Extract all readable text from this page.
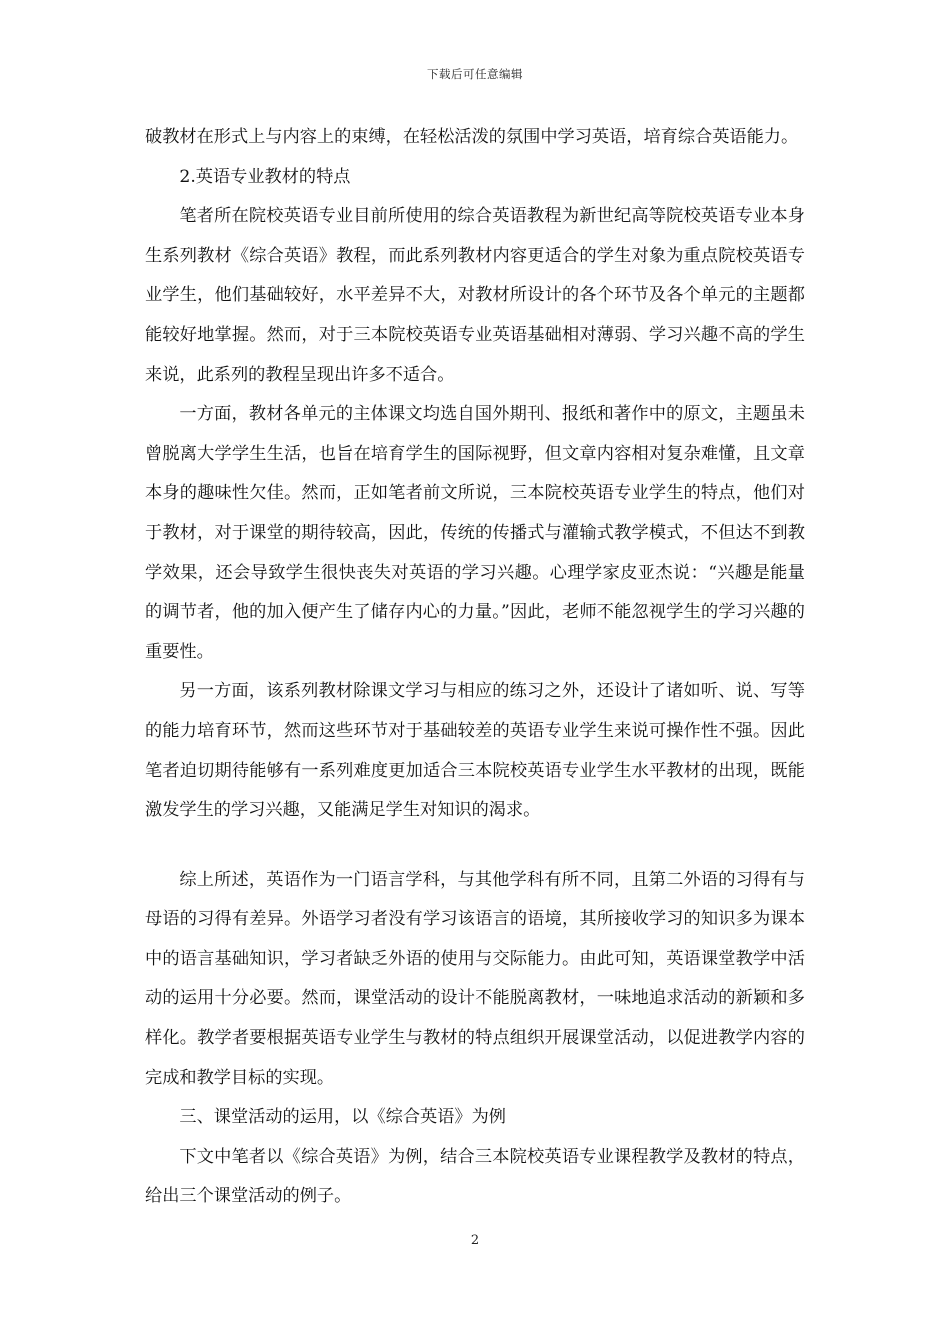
下载后可任意编辑

破教材在形式上与内容上的束缚，在轻松活泼的氛围中学习英语，培育综合英语能力。

2.英语专业教材的特点

笔者所在院校英语专业目前所使用的综合英语教程为新世纪高等院校英语专业本身生系列教材《综合英语》教程，而此系列教材内容更适合的学生对象为重点院校英语专业学生，他们基础较好，水平差异不大，对教材所设计的各个环节及各个单元的主题都能较好地掌握。然而，对于三本院校英语专业英语基础相对薄弱、学习兴趣不高的学生来说，此系列的教程呈现出许多不适合。

一方面，教材各单元的主体课文均选自国外期刊、报纸和著作中的原文，主题虽未曾脱离大学学生生活，也旨在培育学生的国际视野，但文章内容相对复杂难懂，且文章本身的趣味性欠佳。然而，正如笔者前文所说，三本院校英语专业学生的特点，他们对于教材，对于课堂的期待较高，因此，传统的传播式与灌输式教学模式，不但达不到教学效果，还会导致学生很快丧失对英语的学习兴趣。心理学家皮亚杰说：“兴趣是能量的调节者，他的加入便产生了储存内心的力量。”因此，老师不能忽视学生的学习兴趣的重要性。

另一方面，该系列教材除课文学习与相应的练习之外，还设计了诸如听、说、写等的能力培育环节，然而这些环节对于基础较差的英语专业学生来说可操作性不强。因此笔者迫切期待能够有一系列难度更加适合三本院校英语专业学生水平教材的出现，既能激发学生的学习兴趣，又能满足学生对知识的渴求。

综上所述，英语作为一门语言学科，与其他学科有所不同，且第二外语的习得有与母语的习得有差异。外语学习者没有学习该语言的语境，其所接收学习的知识多为课本中的语言基础知识，学习者缺乏外语的使用与交际能力。由此可知，英语课堂教学中活动的运用十分必要。然而，课堂活动的设计不能脱离教材，一味地追求活动的新颖和多样化。教学者要根据英语专业学生与教材的特点组织开展课堂活动，以促进教学内容的完成和教学目标的实现。

三、课堂活动的运用，以《综合英语》为例

下文中笔者以《综合英语》为例，结合三本院校英语专业课程教学及教材的特点，给出三个课堂活动的例子。

2
